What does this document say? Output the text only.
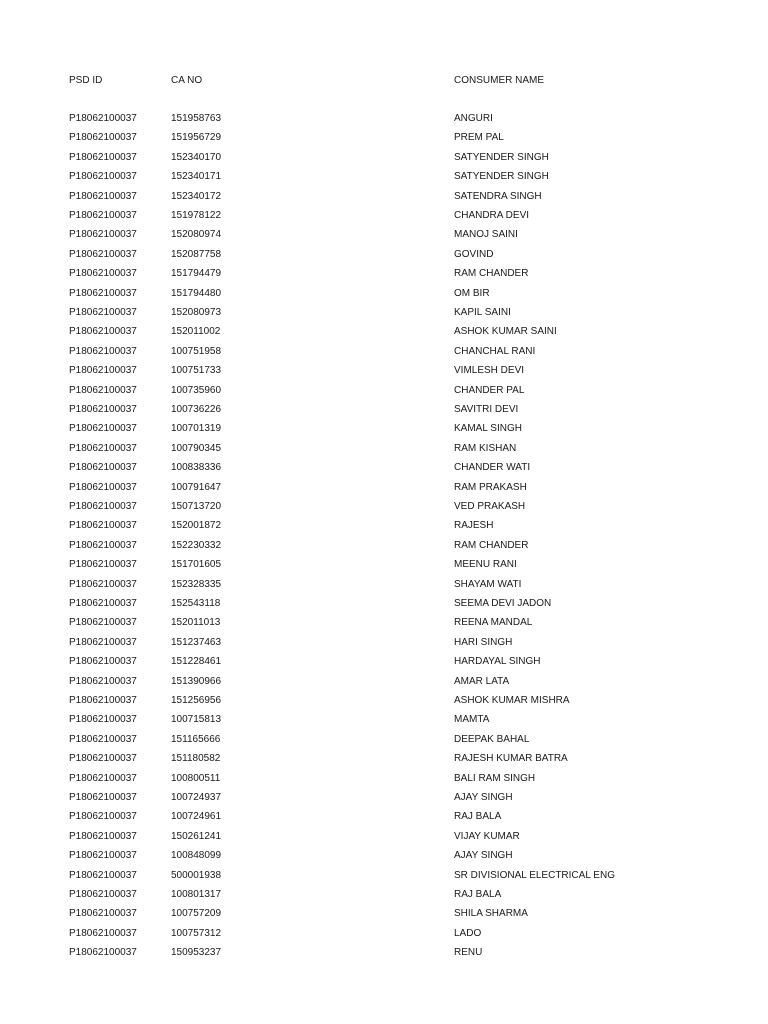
PSD ID	CA NO	CONSUMER NAME
P18062100037	151958763	ANGURI
P18062100037	151956729	PREM PAL
P18062100037	152340170	SATYENDER SINGH
P18062100037	152340171	SATYENDER SINGH
P18062100037	152340172	SATENDRA SINGH
P18062100037	151978122	CHANDRA DEVI
P18062100037	152080974	MANOJ SAINI
P18062100037	152087758	GOVIND
P18062100037	151794479	RAM CHANDER
P18062100037	151794480	OM BIR
P18062100037	152080973	KAPIL SAINI
P18062100037	152011002	ASHOK KUMAR SAINI
P18062100037	100751958	CHANCHAL RANI
P18062100037	100751733	VIMLESH DEVI
P18062100037	100735960	CHANDER PAL
P18062100037	100736226	SAVITRI DEVI
P18062100037	100701319	KAMAL SINGH
P18062100037	100790345	RAM KISHAN
P18062100037	100838336	CHANDER WATI
P18062100037	100791647	RAM PRAKASH
P18062100037	150713720	VED PRAKASH
P18062100037	152001872	RAJESH
P18062100037	152230332	RAM CHANDER
P18062100037	151701605	MEENU RANI
P18062100037	152328335	SHAYAM WATI
P18062100037	152543118	SEEMA DEVI JADON
P18062100037	152011013	REENA MANDAL
P18062100037	151237463	HARI SINGH
P18062100037	151228461	HARDAYAL SINGH
P18062100037	151390966	AMAR LATA
P18062100037	151256956	ASHOK KUMAR MISHRA
P18062100037	100715813	MAMTA
P18062100037	151165666	DEEPAK BAHAL
P18062100037	151180582	RAJESH KUMAR BATRA
P18062100037	100800511	BALI RAM SINGH
P18062100037	100724937	AJAY SINGH
P18062100037	100724961	RAJ BALA
P18062100037	150261241	VIJAY KUMAR
P18062100037	100848099	AJAY SINGH
P18062100037	500001938	SR DIVISIONAL ELECTRICAL ENG
P18062100037	100801317	RAJ BALA
P18062100037	100757209	SHILA SHARMA
P18062100037	100757312	LADO
P18062100037	150953237	RENU
